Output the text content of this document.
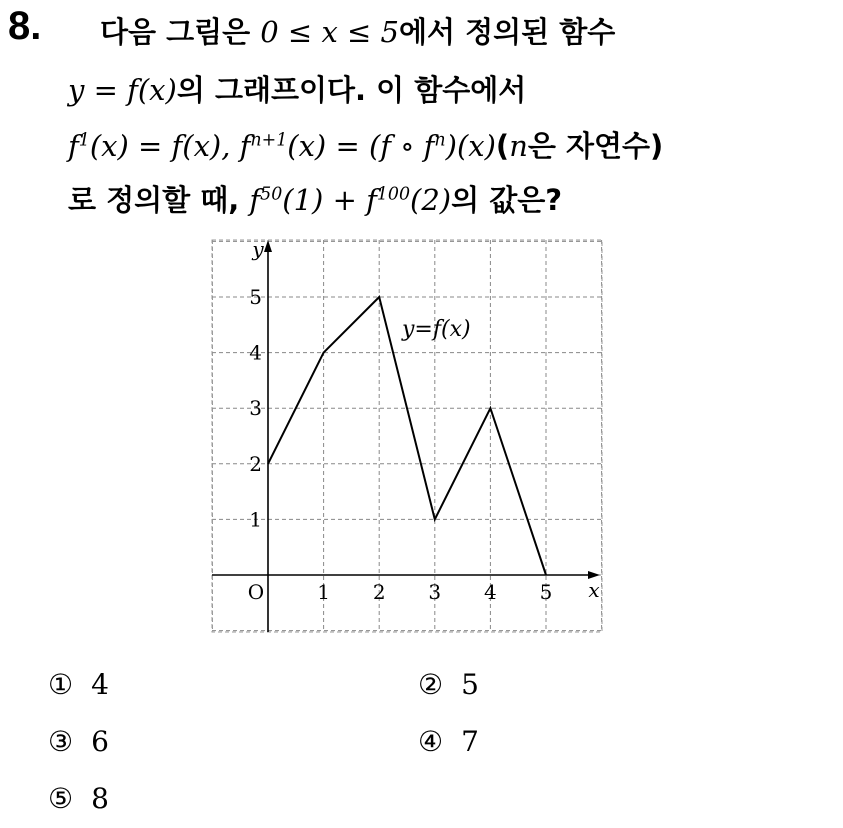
8. 다음 그림은 0 ≤ x ≤ 5에서 정의된 함수
y = f(x)의 그래프이다. 이 함수에서
$f^1(x) = f(x)$, $f^{n+1}(x) = (f$ ∘ $f^n)(x)(n$은 자연수)
로 정의할 때, $f^{50}(1) + f^{100}(2)$의 값은?
1 2 3 4 5
1
2
3
4
5
O	x
y
y=f(x)
① 4	② 5
③ 6	④ 7
⑤ 8
